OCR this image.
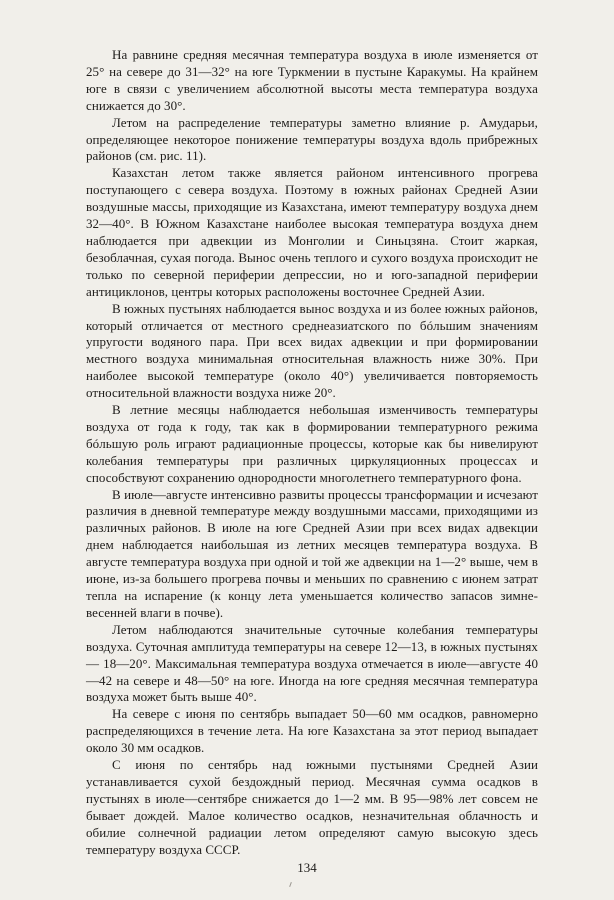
На равнине средняя месячная температура воздуха в июле изменяется от 25° на севере до 31—32° на юге Туркмении в пустыне Каракумы. На крайнем юге в связи с увеличением абсолютной высоты места температура воздуха снижается до 30°.

Летом на распределение температуры заметно влияние р. Амударьи, определяющее некоторое понижение температуры воздуха вдоль прибрежных районов (см. рис. 11).

Казахстан летом также является районом интенсивного прогрева поступающего с севера воздуха. Поэтому в южных районах Средней Азии воздушные массы, приходящие из Казахстана, имеют температуру воздуха днем 32—40°. В Южном Казахстане наиболее высокая температура воздуха днем наблюдается при адвекции из Монголии и Синьцзяна. Стоит жаркая, безоблачная, сухая погода. Вынос очень теплого и сухого воздуха происходит не только по северной периферии депрессии, но и юго-западной периферии антициклонов, центры которых расположены восточнее Средней Азии.

В южных пустынях наблюдается вынос воздуха и из более южных районов, который отличается от местного среднеазиатского по бóльшим значениям упругости водяного пара. При всех видах адвекции и при формировании местного воздуха минимальная относительная влажность ниже 30%. При наиболее высокой температуре (около 40°) увеличивается повторяемость относительной влажности воздуха ниже 20°.

В летние месяцы наблюдается небольшая изменчивость температуры воздуха от года к году, так как в формировании температурного режима бóльшую роль играют радиационные процессы, которые как бы нивелируют колебания температуры при различных циркуляционных процессах и способствуют сохранению однородности многолетнего температурного фона.

В июле—августе интенсивно развиты процессы трансформации и исчезают различия в дневной температуре между воздушными массами, приходящими из различных районов. В июле на юге Средней Азии при всех видах адвекции днем наблюдается наибольшая из летних месяцев температура воздуха. В августе температура воздуха при одной и той же адвекции на 1—2° выше, чем в июне, из-за большего прогрева почвы и меньших по сравнению с июнем затрат тепла на испарение (к концу лета уменьшается количество запасов зимне-весенней влаги в почве).

Летом наблюдаются значительные суточные колебания температуры воздуха. Суточная амплитуда температуры на севере 12—13, в южных пустынях — 18—20°. Максимальная температура воздуха отмечается в июле—августе 40—42 на севере и 48—50° на юге. Иногда на юге средняя месячная температура воздуха может быть выше 40°.

На севере с июня по сентябрь выпадает 50—60 мм осадков, равномерно распределяющихся в течение лета. На юге Казахстана за этот период выпадает около 30 мм осадков.

С июня по сентябрь над южными пустынями Средней Азии устанавливается сухой бездождный период. Месячная сумма осадков в пустынях в июле—сентябре снижается до 1—2 мм. В 95—98% лет совсем не бывает дождей. Малое количество осадков, незначительная облачность и обилие солнечной радиации летом определяют самую высокую здесь температуру воздуха СССР.

134
